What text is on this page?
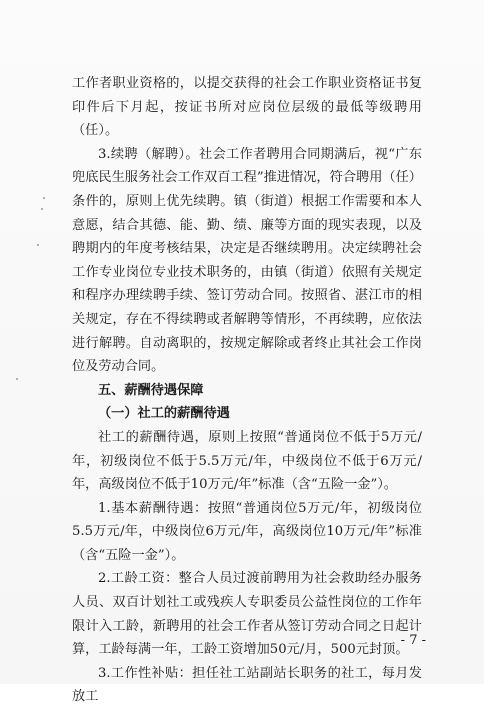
工作者职业资格的，以提交获得的社会工作职业资格证书复印件后下月起，按证书所对应岗位层级的最低等级聘用（任）。

3.续聘（解聘）。社会工作者聘用合同期满后，视“广东兜底民生服务社会工作双百工程”推进情况，符合聘用（任）条件的，原则上优先续聘。镇（街道）根据工作需要和本人意愿，结合其德、能、勤、绩、廉等方面的现实表现，以及聘期内的年度考核结果，决定是否继续聘用。决定续聘社会工作专业岗位专业技术职务的，由镇（街道）依照有关规定和程序办理续聘手续、签订劳动合同。按照省、湛江市的相关规定，存在不得续聘或者解聘等情形，不再续聘，应依法进行解聘。自动离职的，按规定解除或者终止其社会工作岗位及劳动合同。

五、薪酬待遇保障

（一）社工的薪酬待遇

社工的薪酬待遇，原则上按照“普通岗位不低于5万元/年，初级岗位不低于5.5万元/年，中级岗位不低于6万元/年，高级岗位不低于10万元/年”标准（含“五险一金”）。

1.基本薪酬待遇：按照“普通岗位5万元/年，初级岗位5.5万元/年，中级岗位6万元/年，高级岗位10万元/年”标准（含“五险一金”）。

2.工龄工资：整合人员过渡前聘用为社会救助经办服务人员、双百计划社工或残疾人专职委员公益性岗位的工作年限计入工龄，新聘用的社会工作者从签订劳动合同之日起计算，工龄每满一年，工龄工资增加50元/月，500元封顶。

3.工作性补贴：担任社工站副站长职务的社工，每月发放工

- 7 -
